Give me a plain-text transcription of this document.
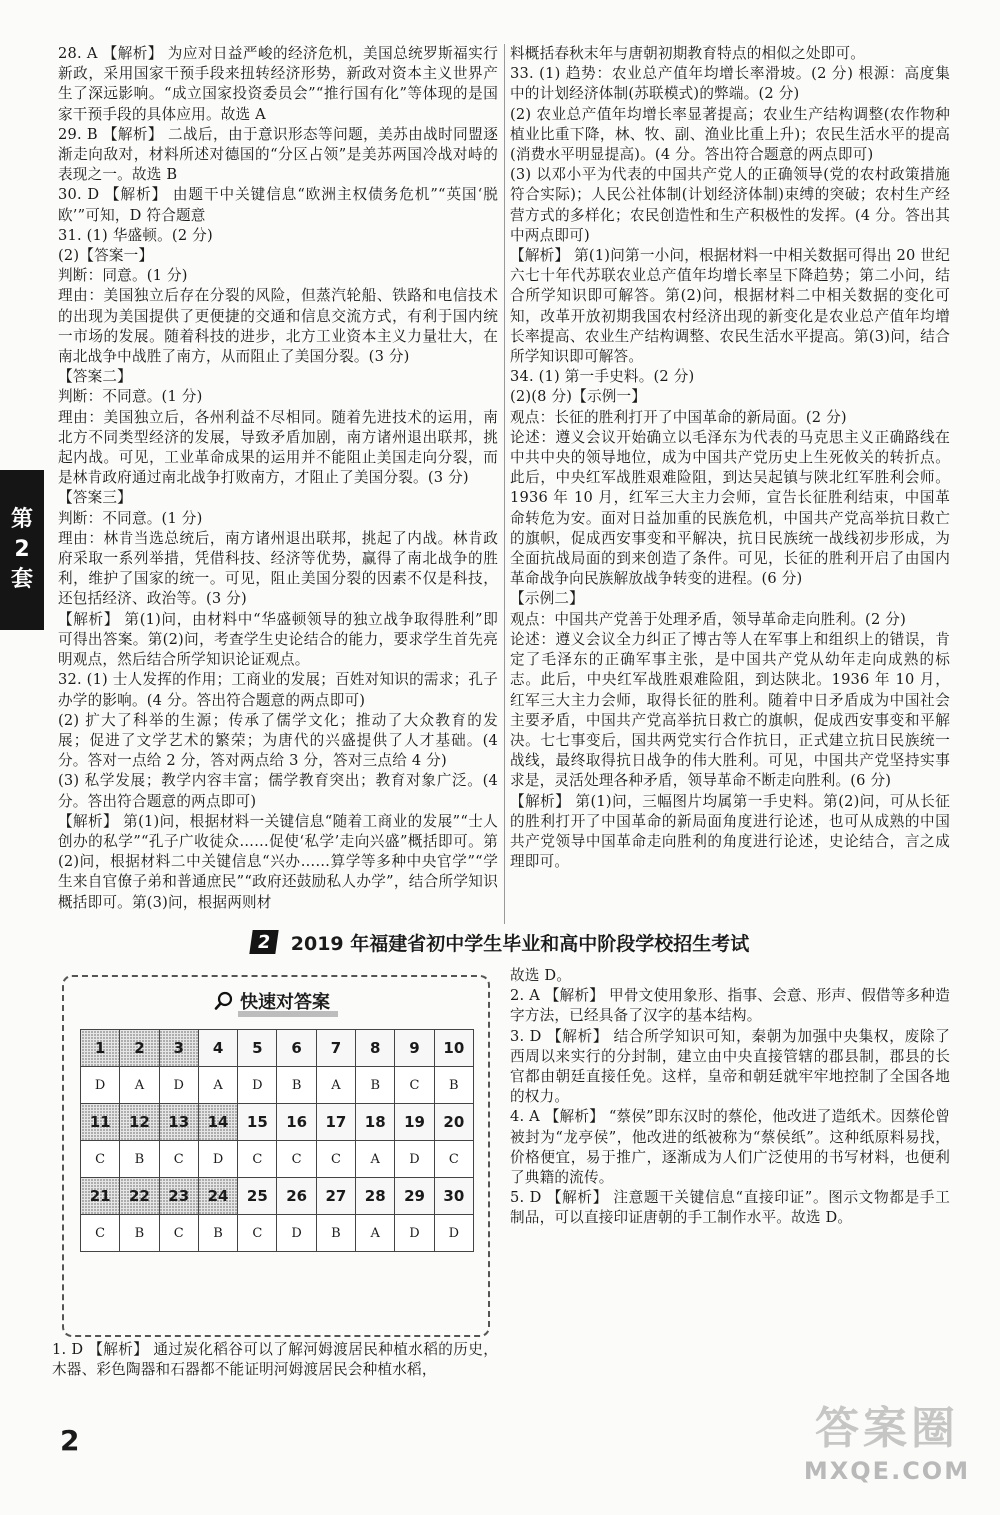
28. A 【解析】 为应对日益严峻的经济危机，美国总统罗斯福实行新政，采用国家干预手段来扭转经济形势，新政对资本主义世界产生了深远影响。“成立国家投资委员会”“推行国有化”等体现的是国家干预手段的具体应用。故选 A

29. B 【解析】 二战后，由于意识形态等问题，美苏由战时同盟逐渐走向敌对，材料所述对德国的“分区占领”是美苏两国冷战对峙的表现之一。故选 B

30. D 【解析】 由题干中关键信息“欧洲主权债务危机”“英国‘脱欧’”可知，D 符合题意

31. (1) 华盛顿。(2 分)

(2)【答案一】

判断：同意。(1 分)

理由：美国独立后存在分裂的风险，但蒸汽轮船、铁路和电信技术的出现为美国提供了更便捷的交通和信息交流方式，有利于国内统一市场的发展。随着科技的进步，北方工业资本主义力量壮大，在南北战争中战胜了南方，从而阻止了美国分裂。(3 分)

【答案二】

判断：不同意。(1 分)

理由：美国独立后，各州利益不尽相同。随着先进技术的运用，南北方不同类型经济的发展，导致矛盾加剧，南方诸州退出联邦，挑起内战。可见，工业革命成果的运用并不能阻止美国走向分裂，而是林肯政府通过南北战争打败南方，才阻止了美国分裂。(3 分)

【答案三】

判断：不同意。(1 分)

理由：林肯当选总统后，南方诸州退出联邦，挑起了内战。林肯政府采取一系列举措，凭借科技、经济等优势，赢得了南北战争的胜利，维护了国家的统一。可见，阻止美国分裂的因素不仅是科技，还包括经济、政治等。(3 分)

【解析】 第(1)问，由材料中“华盛顿领导的独立战争取得胜利”即可得出答案。第(2)问，考查学生史论结合的能力，要求学生首先亮明观点，然后结合所学知识论证观点。

32. (1) 士人发挥的作用；工商业的发展；百姓对知识的需求；孔子办学的影响。(4 分。答出符合题意的两点即可)

(2) 扩大了科举的生源；传承了儒学文化；推动了大众教育的发展；促进了文学艺术的繁荣；为唐代的兴盛提供了人才基础。(4 分。答对一点给 2 分，答对两点给 3 分，答对三点给 4 分)

(3) 私学发展；教学内容丰富；儒学教育突出；教育对象广泛。(4 分。答出符合题意的两点即可)

【解析】 第(1)问，根据材料一关键信息“随着工商业的发展”“士人创办的私学”“孔子广收徒众……促使‘私学’走向兴盛”概括即可。第(2)问，根据材料二中关键信息“兴办……算学等多种中央官学”“学生来自官僚子弟和普通庶民”“政府还鼓励私人办学”，结合所学知识概括即可。第(3)问，根据两则材

料概括春秋末年与唐朝初期教育特点的相似之处即可。

33. (1) 趋势：农业总产值年均增长率滑坡。(2 分) 根源：高度集中的计划经济体制(苏联模式)的弊端。(2 分)

(2) 农业总产值年均增长率显著提高；农业生产结构调整(农作物种植业比重下降，林、牧、副、渔业比重上升)；农民生活水平的提高(消费水平明显提高)。(4 分。答出符合题意的两点即可)

(3) 以邓小平为代表的中国共产党人的正确领导(党的农村政策措施符合实际)；人民公社体制(计划经济体制)束缚的突破；农村生产经营方式的多样化；农民创造性和生产积极性的发挥。(4 分。答出其中两点即可)

【解析】 第(1)问第一小问，根据材料一中相关数据可得出 20 世纪六七十年代苏联农业总产值年均增长率呈下降趋势；第二小问，结合所学知识即可解答。第(2)问，根据材料二中相关数据的变化可知，改革开放初期我国农村经济出现的新变化是农业总产值年均增长率提高、农业生产结构调整、农民生活水平提高。第(3)问，结合所学知识即可解答。

34. (1) 第一手史料。(2 分)

(2)(8 分)【示例一】

观点：长征的胜利打开了中国革命的新局面。(2 分)

论述：遵义会议开始确立以毛泽东为代表的马克思主义正确路线在中共中央的领导地位，成为中国共产党历史上生死攸关的转折点。此后，中央红军战胜艰难险阻，到达吴起镇与陕北红军胜利会师。1936 年 10 月，红军三大主力会师，宣告长征胜利结束，中国革命转危为安。面对日益加重的民族危机，中国共产党高举抗日救亡的旗帜，促成西安事变和平解决，抗日民族统一战线初步形成，为全面抗战局面的到来创造了条件。可见，长征的胜利开启了由国内革命战争向民族解放战争转变的进程。(6 分)

【示例二】

观点：中国共产党善于处理矛盾，领导革命走向胜利。(2 分)

论述：遵义会议全力纠正了博古等人在军事上和组织上的错误，肯定了毛泽东的正确军事主张，是中国共产党从幼年走向成熟的标志。此后，中央红军战胜艰难险阻，到达陕北。1936 年 10 月，红军三大主力会师，取得长征的胜利。随着中日矛盾成为中国社会主要矛盾，中国共产党高举抗日救亡的旗帜，促成西安事变和平解决。七七事变后，国共两党实行合作抗日，正式建立抗日民族统一战线，最终取得抗日战争的伟大胜利。可见，中国共产党坚持实事求是，灵活处理各种矛盾，领导革命不断走向胜利。(6 分)

【解析】 第(1)问，三幅图片均属第一手史料。第(2)问，可从长征的胜利打开了中国革命的新局面角度进行论述，也可从成熟的中国共产党领导中国革命走向胜利的角度进行论述，史论结合，言之成理即可。

第
2
套
2	2019 年福建省初中学生毕业和高中阶段学校招生考试
快速对答案
1	2	3	4	5	6	7	8	9	10
D	A	D	A	D	B	A	B	C	B
11	12	13	14	15	16	17	18	19	20
C	B	C	D	C	C	C	A	D	C
21	22	23	24	25	26	27	28	29	30
C	B	C	B	C	D	B	A	D	D

1. D 【解析】 通过炭化稻谷可以了解河姆渡居民种植水稻的历史，木器、彩色陶器和石器都不能证明河姆渡居民会种植水稻，

故选 D。

2. A 【解析】 甲骨文使用象形、指事、会意、形声、假借等多种造字方法，已经具备了汉字的基本结构。

3. D 【解析】 结合所学知识可知，秦朝为加强中央集权，废除了西周以来实行的分封制，建立由中央直接管辖的郡县制，郡县的长官都由朝廷直接任免。这样，皇帝和朝廷就牢牢地控制了全国各地的权力。

4. A 【解析】 “蔡侯”即东汉时的蔡伦，他改进了造纸术。因蔡伦曾被封为“龙亭侯”，他改进的纸被称为“蔡侯纸”。这种纸原料易找，价格便宜，易于推广，逐渐成为人们广泛使用的书写材料，也便利了典籍的流传。

5. D 【解析】 注意题干关键信息“直接印证”。图示文物都是手工制品，可以直接印证唐朝的手工制作水平。故选 D。

2	答案圈
MXQE.COM
